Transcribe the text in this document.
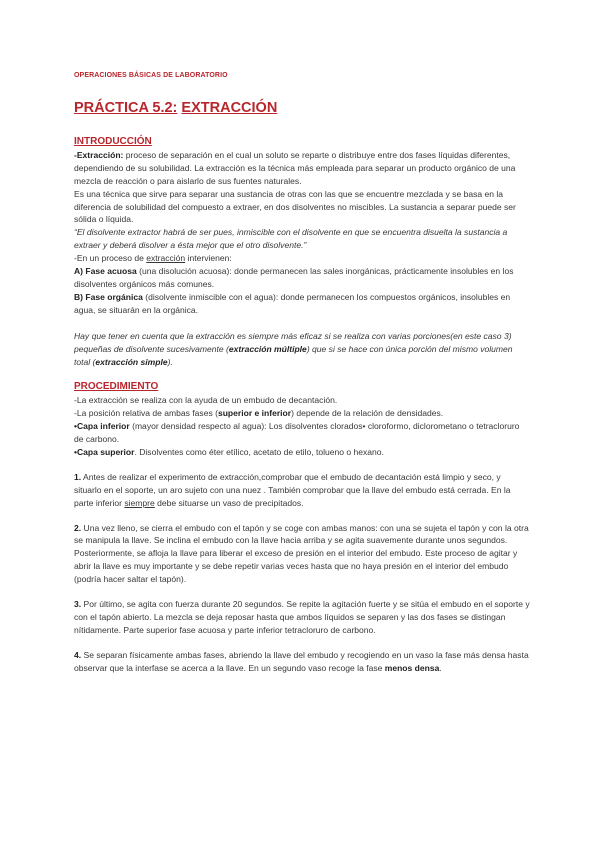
OPERACIONES BÁSICAS DE LABORATORIO
PRÁCTICA 5.2: EXTRACCIÓN

INTRODUCCIÓN

-Extracción: proceso de separación en el cual un soluto se reparte o distribuye entre dos fases líquidas diferentes, dependiendo de su solubilidad. La extracción es la técnica más empleada para separar un producto orgánico de una mezcla de reacción o para aislarlo de sus fuentes naturales.

Es una técnica que sirve para separar una sustancia de otras con las que se encuentre mezclada y se basa en la diferencia de solubilidad del compuesto a extraer, en dos disolventes no miscibles. La sustancia a separar puede ser sólida o líquida.

“El disolvente extractor habrá de ser pues, inmiscible con el disolvente en que se encuentra disuelta la sustancia a extraer y deberá disolver a ésta mejor que el otro disolvente.”

-En un proceso de extracción intervienen:

A) Fase acuosa (una disolución acuosa): donde permanecen las sales inorgánicas, prácticamente insolubles en los disolventes orgánicos más comunes.

B) Fase orgánica (disolvente inmiscible con el agua): donde permanecen los compuestos orgánicos, insolubles en agua, se situarán en la orgánica.

Hay que tener en cuenta que la extracción es siempre más eficaz si se realiza con varias porciones(en este caso 3) pequeñas de disolvente sucesivamente (extracción múltiple) que si se hace con única porción del mismo volumen total (extracción simple).

PROCEDIMIENTO

-La extracción se realiza con la ayuda de un embudo de decantación.

-La posición relativa de ambas fases (superior e inferior) depende de la relación de densidades.

•Capa inferior (mayor densidad respecto al agua): Los disolventes clorados• cloroformo, diclorometano o tetracloruro de carbono.

•Capa superior. Disolventes como éter etílico, acetato de etilo, tolueno o hexano.

1. Antes de realizar el experimento de extracción,comprobar que el embudo de decantación está limpio y seco, y situarlo en el soporte, un aro sujeto con una nuez . También comprobar que la llave del embudo está cerrada. En la parte inferior siempre debe situarse un vaso de precipitados.

2. Una vez lleno, se cierra el embudo con el tapón y se coge con ambas manos: con una se sujeta el tapón y con la otra se manipula la llave. Se inclina el embudo con la llave hacia arriba y se agita suavemente durante unos segundos. Posteriormente, se afloja la llave para liberar el exceso de presión en el interior del embudo. Este proceso de agitar y abrir la llave es muy importante y se debe repetir varias veces hasta que no haya presión en el interior del embudo (podría hacer saltar el tapón).

3. Por último, se agita con fuerza durante 20 segundos. Se repite la agitación fuerte y se sitúa el embudo en el soporte y con el tapón abierto. La mezcla se deja reposar hasta que ambos líquidos se separen y las dos fases se distingan nítidamente. Parte superior fase acuosa y parte inferior tetracloruro de carbono.

4. Se separan físicamente ambas fases, abriendo la llave del embudo y recogiendo en un vaso la fase más densa hasta observar que la interfase se acerca a la llave. En un segundo vaso recoge la fase menos densa.
